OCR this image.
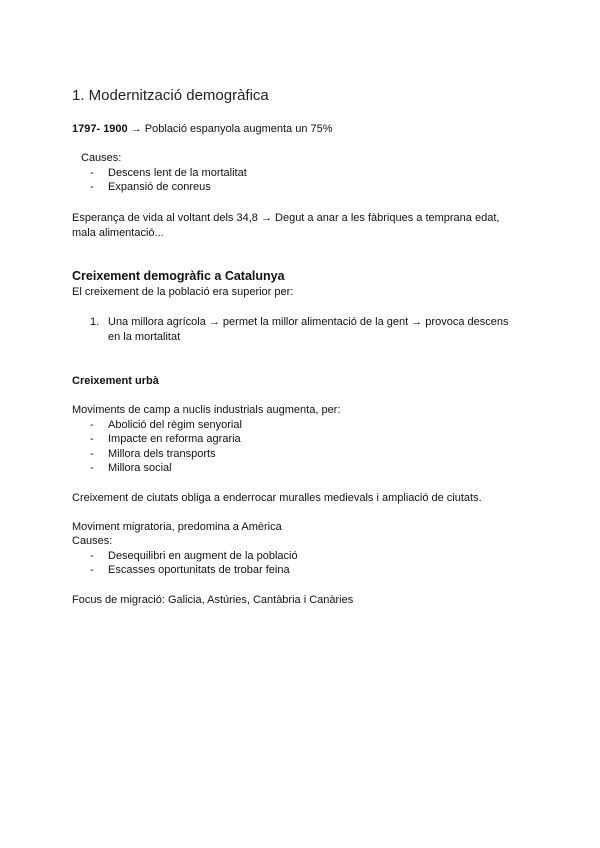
1. Modernització demogràfica
1797- 1900 → Població espanyola augmenta un 75%
Causes:
- Descens lent de la mortalitat
- Expansió de conreus
Esperança de vida al voltant dels 34,8 → Degut a anar a les fàbriques a temprana edat,
mala alimentació...
Creixement demogràfic a Catalunya
El creixement de la població era superior per:
1. Una millora agrícola → permet la millor alimentació de la gent → provoca descens
en la mortalitat
Creixement urbà
Moviments de camp a nuclis industrials augmenta, per:
- Abolició del règim senyorial
- Impacte en reforma agraria
- Millora dels transports
- Millora social
Creixement de ciutats obliga a enderrocar muralles medievals i ampliació de ciutats.
Moviment migratoria, predomina a Amèrica
Causes:
- Desequilibri en augment de la població
- Escasses oportunitats de trobar feina
Focus de migració: Galicia, Astúries, Cantàbria i Canàries
